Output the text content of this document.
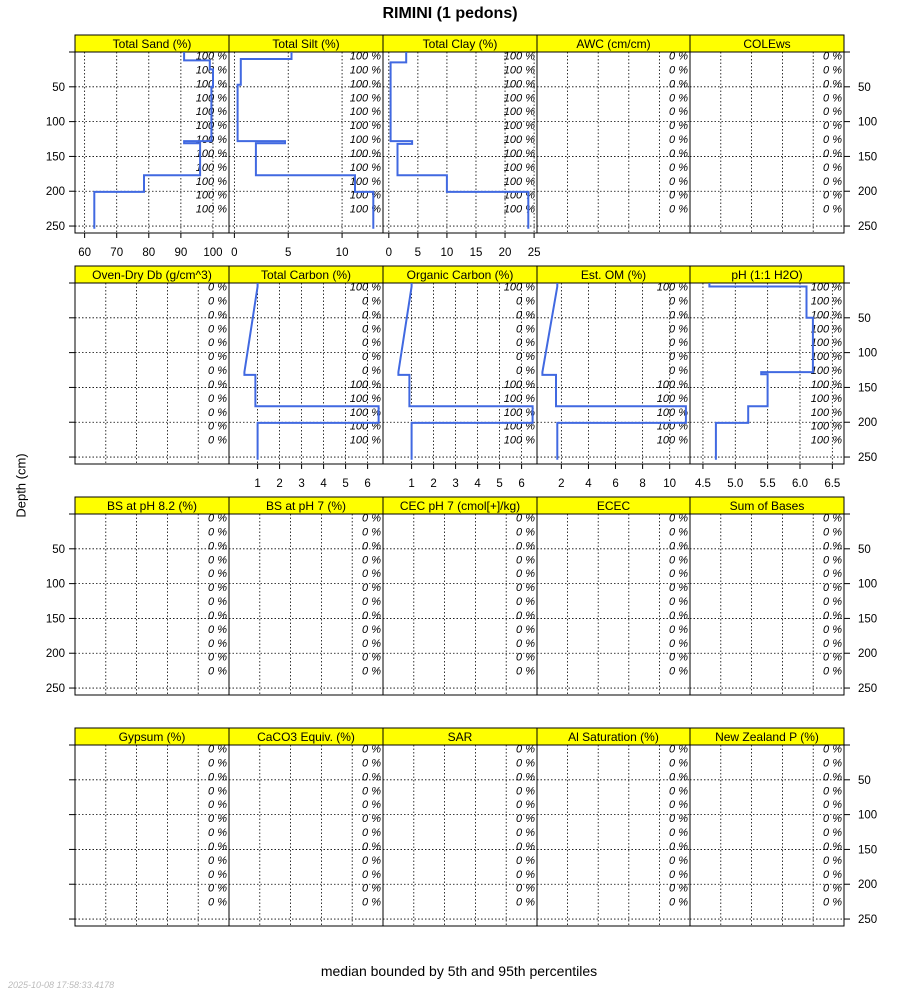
RIMINI (1 pedons)
Depth (cm)
Total Sand (%)
100 %
100 %
100 %
100 %
100 %
100 %
100 %
100 %
100 %
100 %
100 %
100 %
60 70 80 90 100
Total Silt (%)
100 %
100 %
100 %
100 %
100 %
100 %
100 %
100 %
100 %
100 %
100 %
100 %
0	5	10
Total Clay (%)
100 %
100 %
100 %
100 %
100 %
100 %
100 %
100 %
100 %
100 %
100 %
100 %
0 5 10 15 20 25
AWC (cm/cm)
0 %
0 %
0 %
0 %
0 %
0 %
0 %
0 %
0 %
0 %
0 %
0 %
COLEws
0 %
0 %
0 %
0 %
0 %
0 %
0 %
0 %
0 %
0 %
0 %
0 %
Oven-Dry Db (g/cm^3)
0 %
0 %
0 %
0 %
0 %
0 %
0 %
0 %
0 %
0 %
0 %
0 %
Total Carbon (%)
100 %
0 %
0 %
0 %
0 %
0 %
0 %
100 %
100 %
100 %
100 %
100 %
1 2 3 4 5 6
Organic Carbon (%)
100 %
0 %
0 %
0 %
0 %
0 %
0 %
100 %
100 %
100 %
100 %
100 %
1 2 3 4 5 6
Est. OM (%)
100 %
0 %
0 %
0 %
0 %
0 %
0 %
100 %
100 %
100 %
100 %
100 %
2 4 6 8 10
pH (1:1 H2O)
100 %
100 %
100 %
100 %
100 %
100 %
100 %
100 %
100 %
100 %
100 %
100 %
4.5 5.0 5.5 6.0 6.5
BS at pH 8.2 (%)
0 %
0 %
0 %
0 %
0 %
0 %
0 %
0 %
0 %
0 %
0 %
0 %
BS at pH 7 (%)
0 %
0 %
0 %
0 %
0 %
0 %
0 %
0 %
0 %
0 %
0 %
0 %
CEC pH 7 (cmol[+]/kg)
0 %
0 %
0 %
0 %
0 %
0 %
0 %
0 %
0 %
0 %
0 %
0 %
ECEC
0 %
0 %
0 %
0 %
0 %
0 %
0 %
0 %
0 %
0 %
0 %
0 %
Sum of Bases
0 %
0 %
0 %
0 %
0 %
0 %
0 %
0 %
0 %
0 %
0 %
0 %
Gypsum (%)
0 %
0 %
0 %
0 %
0 %
0 %
0 %
0 %
0 %
0 %
0 %
0 %
CaCO3 Equiv. (%)
0 %
0 %
0 %
0 %
0 %
0 %
0 %
0 %
0 %
0 %
0 %
0 %
SAR
0 %
0 %
0 %
0 %
0 %
0 %
0 %
0 %
0 %
0 %
0 %
0 %
Al Saturation (%)
0 %
0 %
0 %
0 %
0 %
0 %
0 %
0 %
0 %
0 %
0 %
0 %
New Zealand P (%)
0 %
0 %
0 %
0 %
0 %
0 %
0 %
0 %
0 %
0 %
0 %
0 %
50	50
100	100
150	150
200	200
250	250
50
100
150
200
250
50	50
100	100
150	150
200	200
250	250
50
100
150
200
250
median bounded by 5th and 95th percentiles
2025-10-08 17:58:33.4178
